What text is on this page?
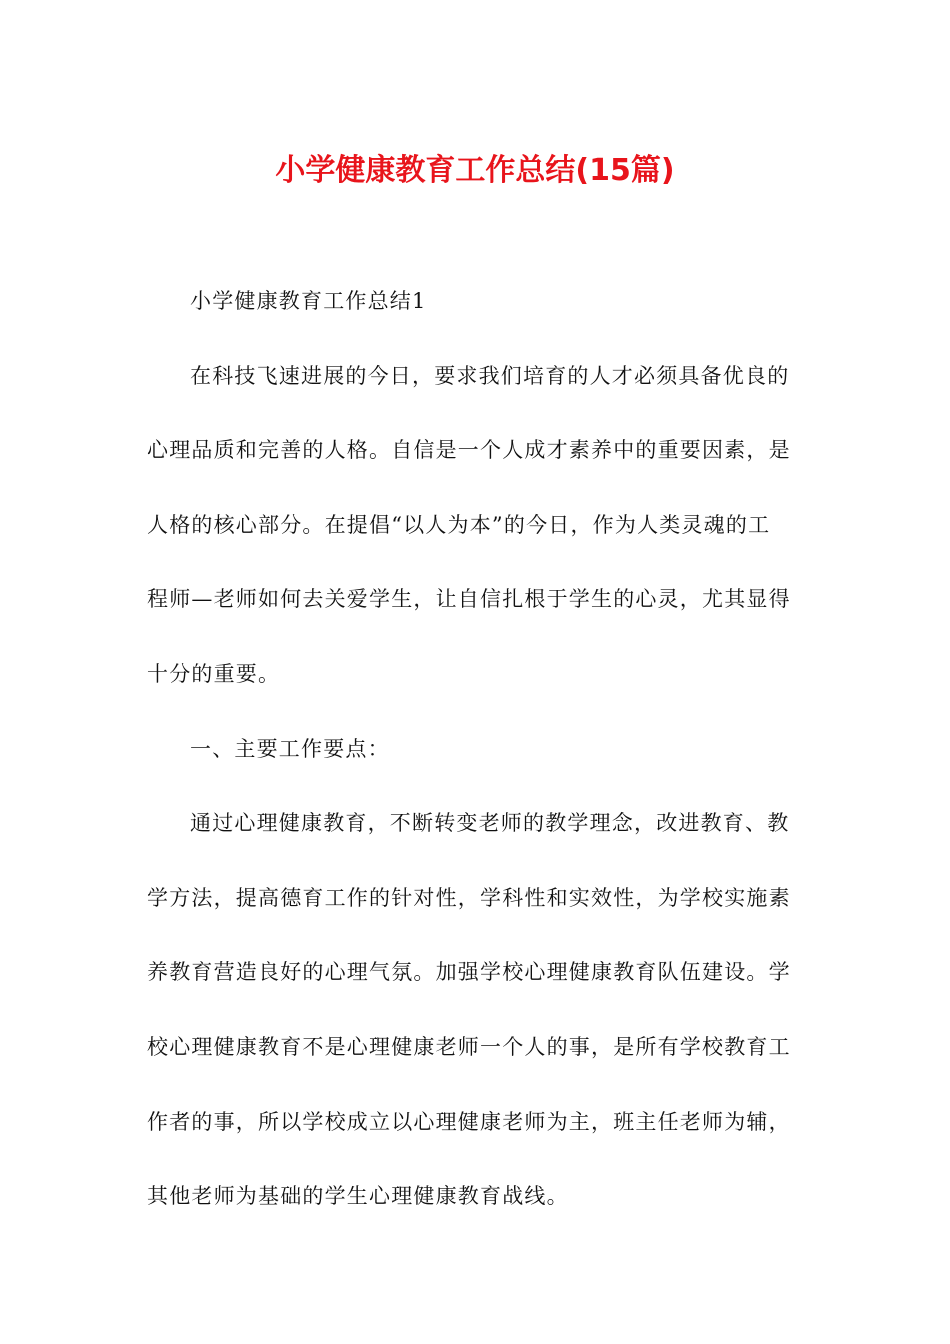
小学健康教育工作总结(15篇)
小学健康教育工作总结1
在科技飞速进展的今日，要求我们培育的人才必须具备优良的
心理品质和完善的人格。自信是一个人成才素养中的重要因素，是
人格的核心部分。在提倡“以人为本”的今日，作为人类灵魂的工
程师—老师如何去关爱学生，让自信扎根于学生的心灵，尤其显得
十分的重要。
一、主要工作要点：
通过心理健康教育，不断转变老师的教学理念，改进教育、教
学方法，提高德育工作的针对性，学科性和实效性，为学校实施素
养教育营造良好的心理气氛。加强学校心理健康教育队伍建设。学
校心理健康教育不是心理健康老师一个人的事，是所有学校教育工
作者的事，所以学校成立以心理健康老师为主，班主任老师为辅，
其他老师为基础的学生心理健康教育战线。
